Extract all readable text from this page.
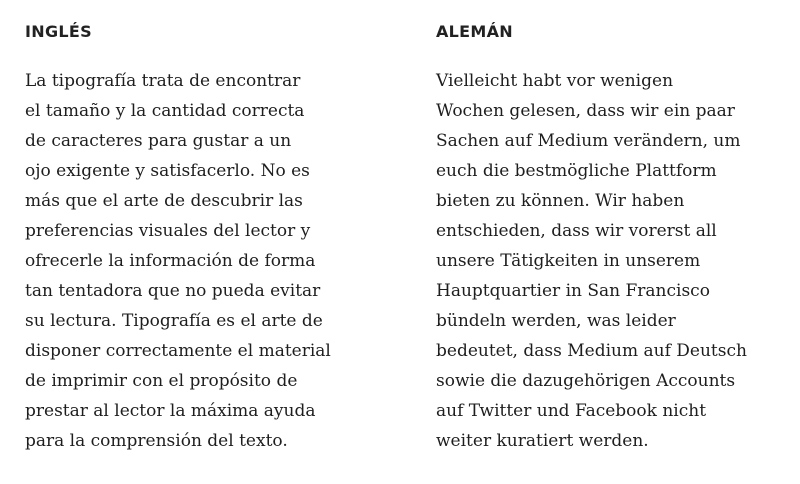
INGLÉS
La tipografía trata de encontrar
el tamaño y la cantidad correcta
de caracteres para gustar a un
ojo exigente y satisfacerlo. No es
más que el arte de descubrir las
preferencias visuales del lector y
ofrecerle la información de forma
tan tentadora que no pueda evitar
su lectura. Tipografía es el arte de
disponer correctamente el material
de imprimir con el propósito de
prestar al lector la máxima ayuda
para la comprensión del texto.
ALEMÁN
Vielleicht habt vor wenigen
Wochen gelesen, dass wir ein paar
Sachen auf Medium verändern, um
euch die bestmögliche Plattform
bieten zu können. Wir haben
entschieden, dass wir vorerst all
unsere Tätigkeiten in unserem
Hauptquartier in San Francisco
bündeln werden, was leider
bedeutet, dass Medium auf Deutsch
sowie die dazugehörigen Accounts
auf Twitter und Facebook nicht
weiter kuratiert werden.
